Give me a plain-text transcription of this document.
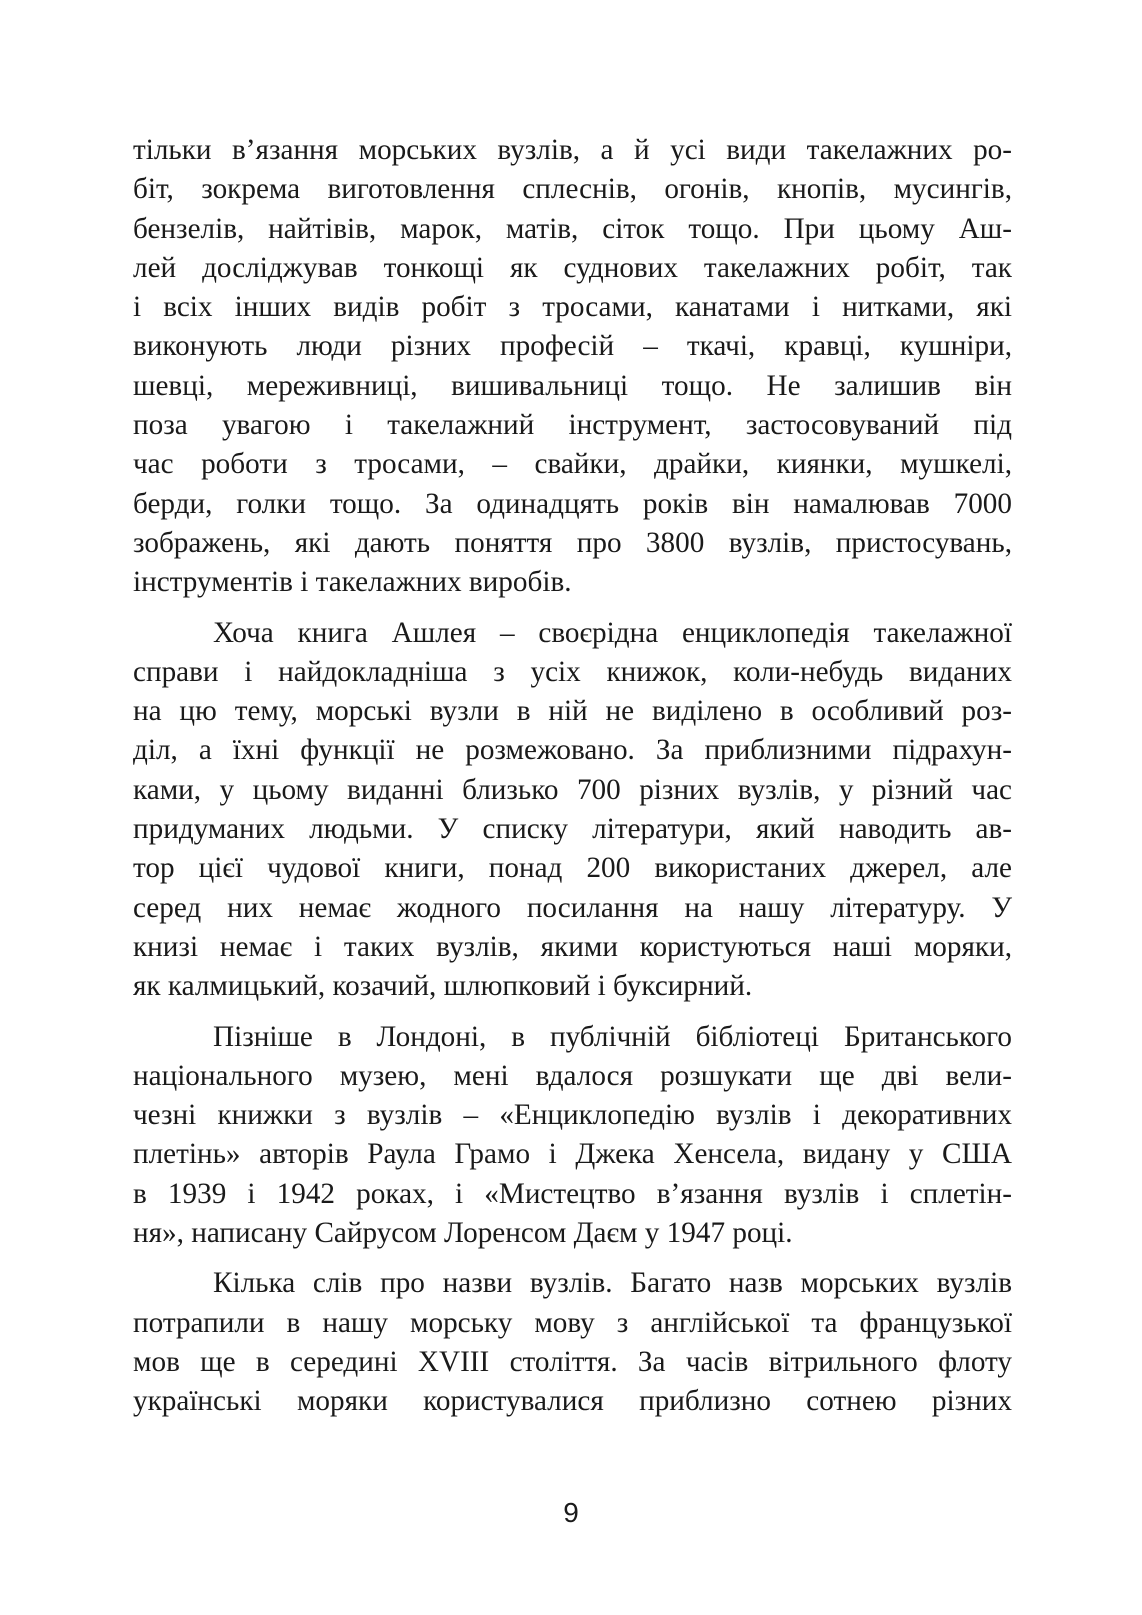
тільки в’язання морських вузлів, а й усі види такелажних ро-
біт, зокрема виготовлення сплеснів, огонів, кнопів, мусингів,
бензелів, найтівів, марок, матів, сіток тощо. При цьому Аш-
лей досліджував тонкощі як суднових такелажних робіт, так
і всіх інших видів робіт з тросами, канатами і нитками, які
виконують люди різних професій – ткачі, кравці, кушніри,
шевці, мереживниці, вишивальниці тощо. Не залишив він
поза увагою і такелажний інструмент, застосовуваний під
час роботи з тросами, – свайки, драйки, киянки, мушкелі,
берди, голки тощо. За одинадцять років він намалював 7000
зображень, які дають поняття про 3800 вузлів, пристосувань,
інструментів і такелажних виробів.

Хоча книга Ашлея – своєрідна енциклопедія такелажної
справи і найдокладніша з усіх книжок, коли-небудь виданих
на цю тему, морські вузли в ній не виділено в особливий роз-
діл, а їхні функції не розмежовано. За приблизними підрахун-
ками, у цьому виданні близько 700 різних вузлів, у різний час
придуманих людьми. У списку літератури, який наводить ав-
тор цієї чудової книги, понад 200 використаних джерел, але
серед них немає жодного посилання на нашу літературу. У
книзі немає і таких вузлів, якими користуються наші моряки,
як калмицький, козачий, шлюпковий і буксирний.

Пізніше в Лондоні, в публічній бібліотеці Британського
національного музею, мені вдалося розшукати ще дві вели-
чезні книжки з вузлів – «Енциклопедію вузлів і декоративних
плетінь» авторів Раула Грамо і Джека Хенсела, видану у США
в 1939 і 1942 роках, і «Мистецтво в’язання вузлів і сплетін-
ня», написану Сайрусом Лоренсом Даєм у 1947 році.

Кілька слів про назви вузлів. Багато назв морських вузлів
потрапили в нашу морську мову з англійської та французької
мов ще в середині XVIII століття. За часів вітрильного флоту
українські моряки користувалися приблизно сотнею різних

9
